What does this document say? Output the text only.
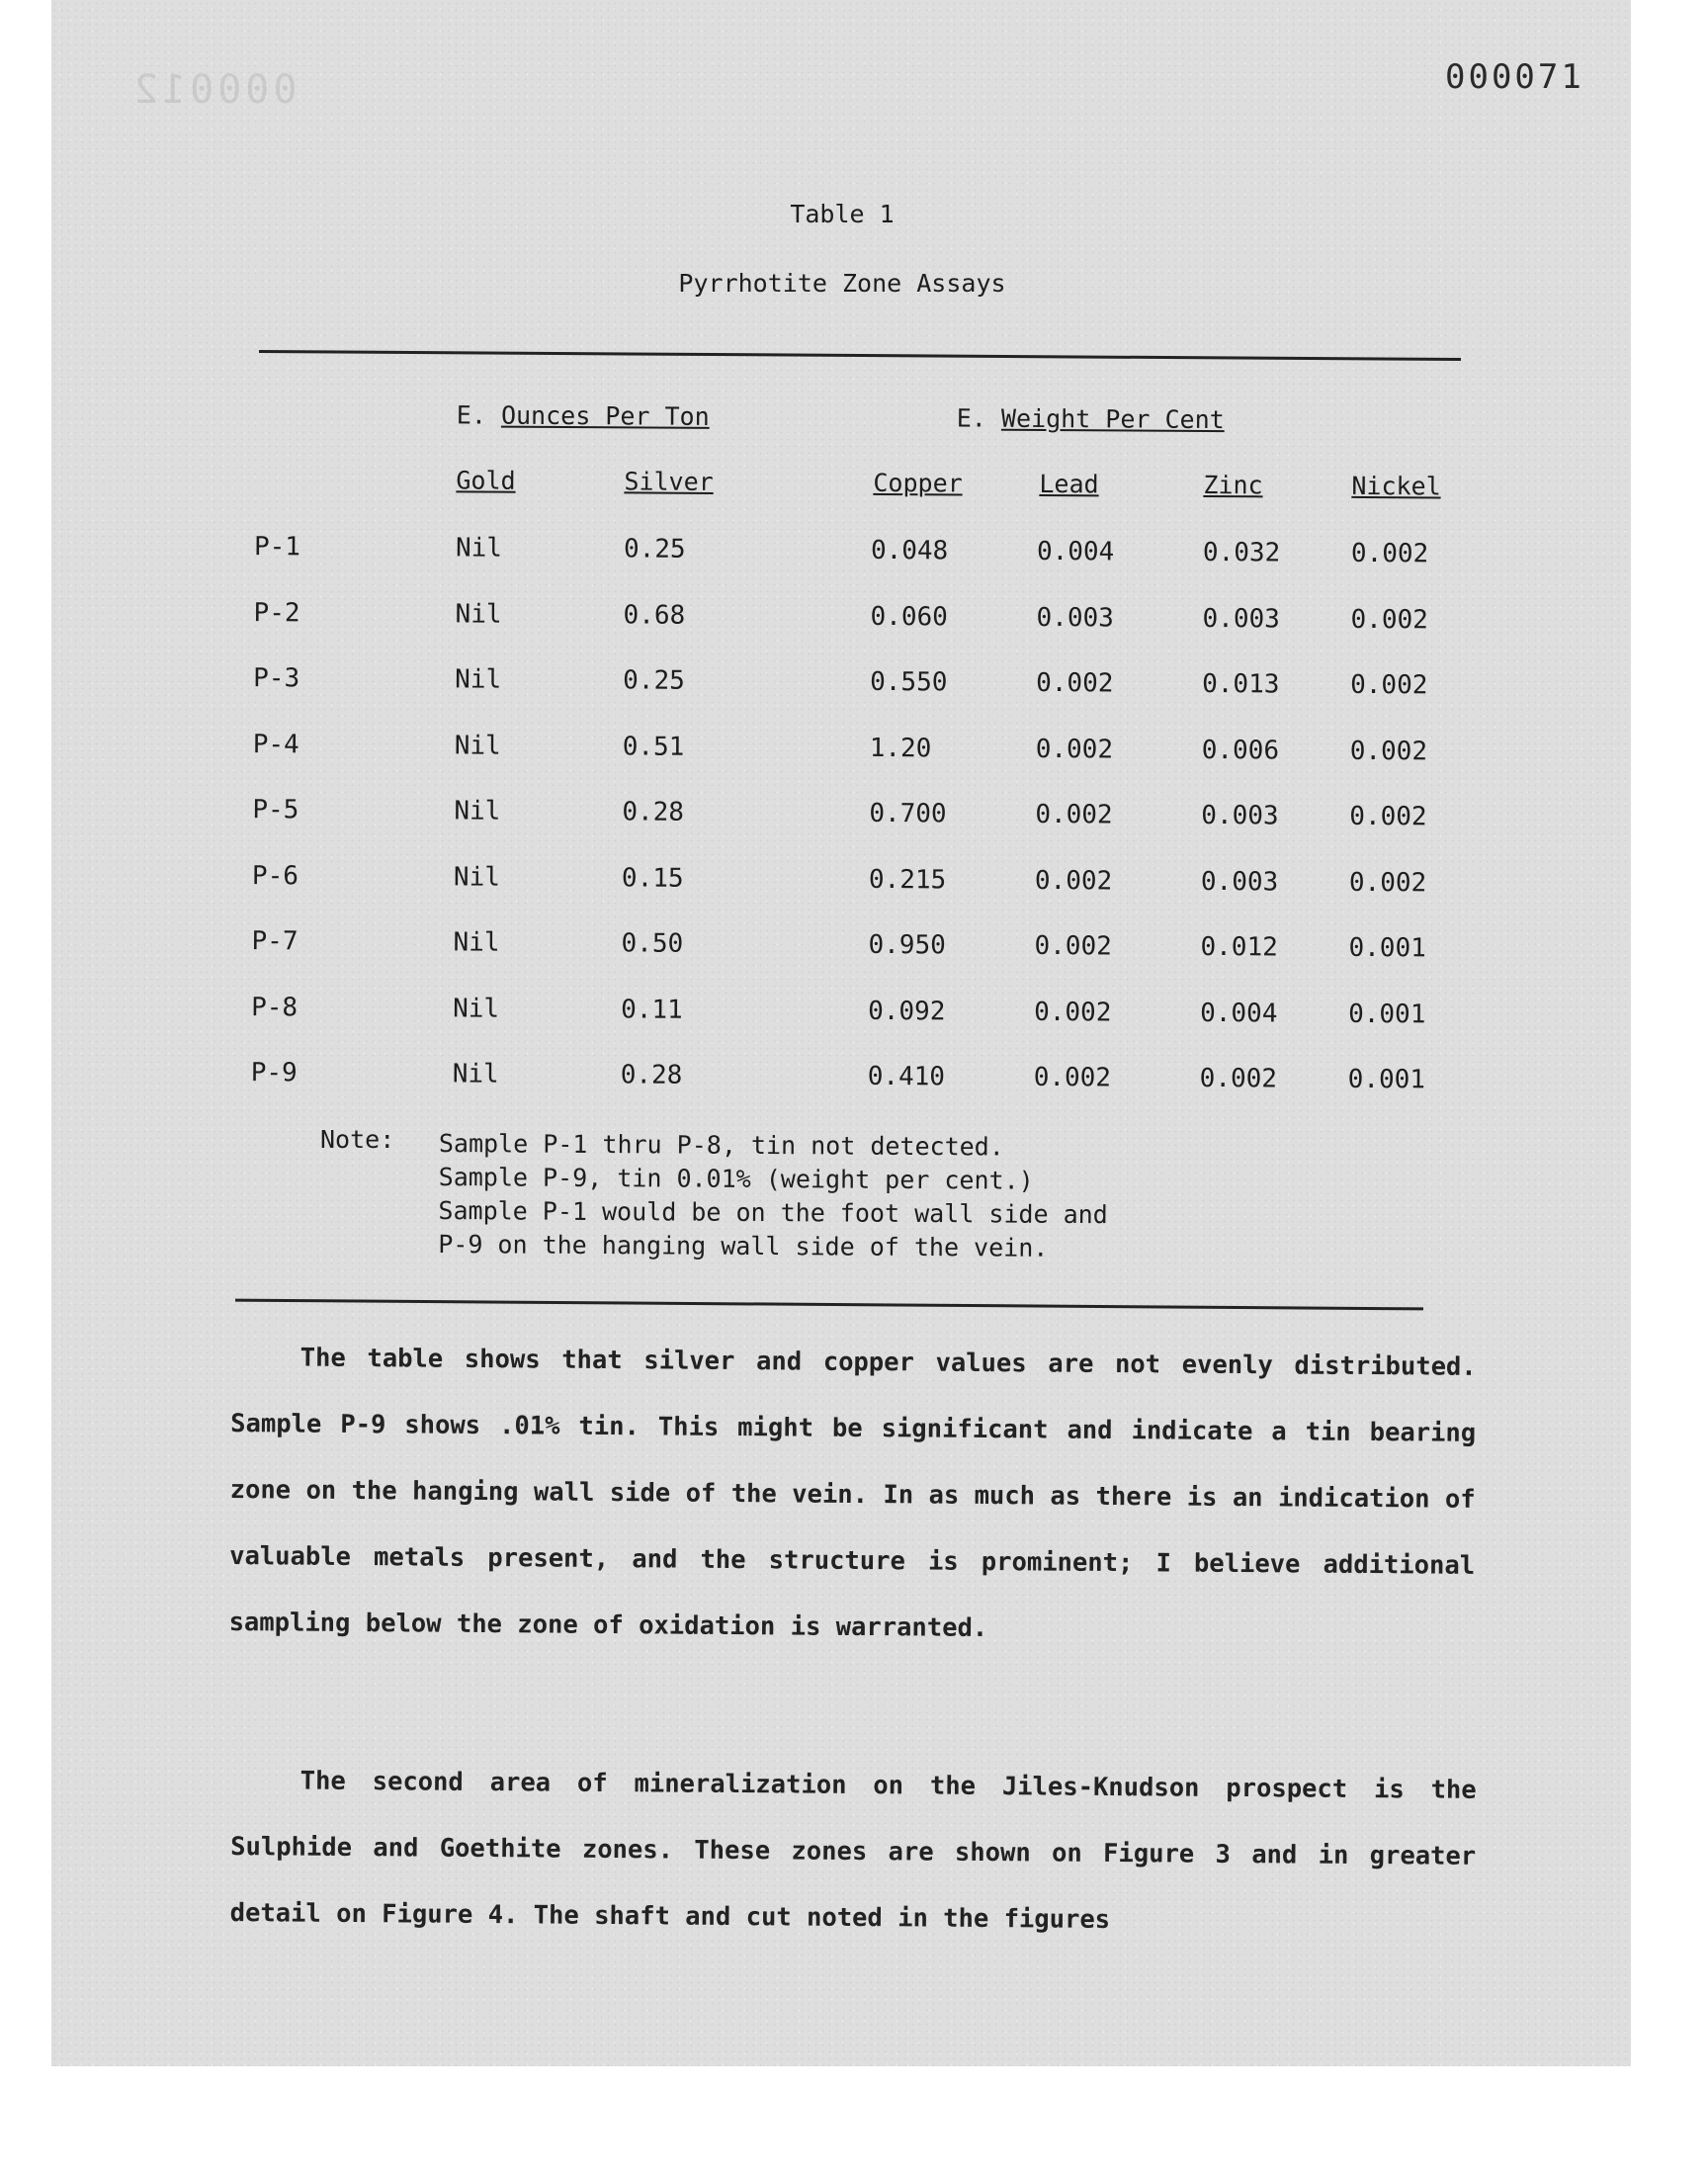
000012	000071
Table 1
Pyrrhotite Zone Assays
E. Ounces Per Ton	E. Weight Per Cent
Gold	Silver	Copper	Lead	Zinc	Nickel
P-1	Nil	0.25	0.048	0.004	0.032	0.002
P-2	Nil	0.68	0.060	0.003	0.003	0.002
P-3	Nil	0.25	0.550	0.002	0.013	0.002
P-4	Nil	0.51	1.20	0.002	0.006	0.002
P-5	Nil	0.28	0.700	0.002	0.003	0.002
P-6	Nil	0.15	0.215	0.002	0.003	0.002
P-7	Nil	0.50	0.950	0.002	0.012	0.001
P-8	Nil	0.11	0.092	0.002	0.004	0.001
P-9	Nil	0.28	0.410	0.002	0.002	0.001
Note: Sample P-1 thru P-8, tin not detected.
Sample P-9, tin 0.01% (weight per cent.)
Sample P-1 would be on the foot wall side and
P-9 on the hanging wall side of the vein.

The table shows that silver and copper values are not evenly distributed. Sample P-9 shows .01% tin. This might be significant and indicate a tin bearing zone on the hanging wall side of the vein. In as much as there is an indication of valuable metals present, and the structure is prominent; I believe additional sampling below the zone of oxidation is warranted.

The second area of mineralization on the Jiles-Knudson prospect is the Sulphide and Goethite zones. These zones are shown on Figure 3 and in greater detail on Figure 4. The shaft and cut noted in the figures
